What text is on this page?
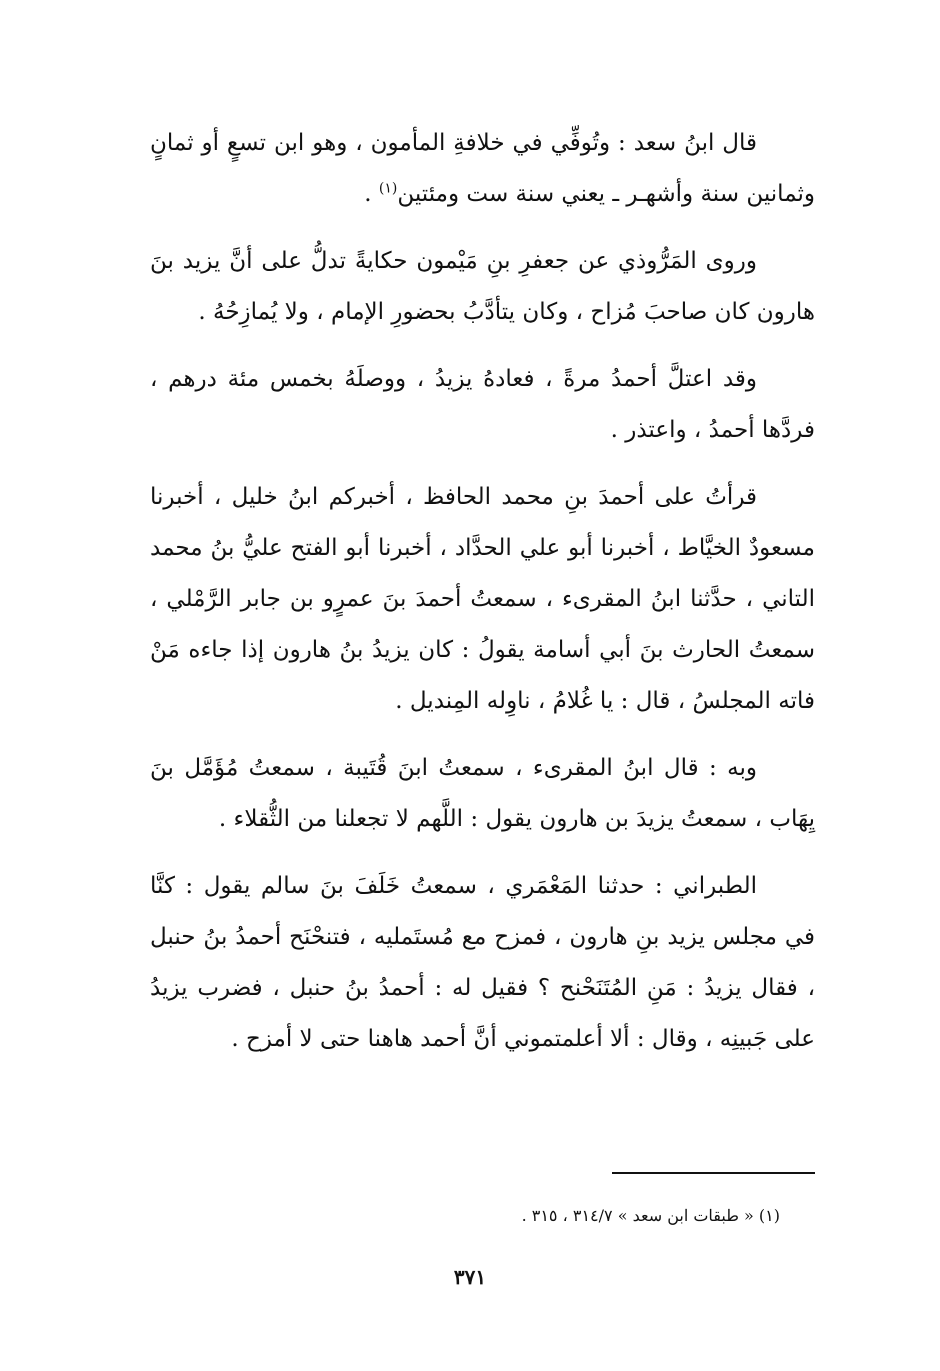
قال ابنُ سعد : وتُوفِّي في خلافةِ المأمون ، وهو ابن تسعٍ أو ثمانٍ وثمانين سنة وأشهـر ـ يعني سنة ست ومئتين$^{(١)}$ .

وروى المَرُّوذي عن جعفرِ بنِ مَيْمون حكايةً تدلُّ على أنَّ يزيد بنَ هارون كان صاحبَ مُزاح ، وكان يتأدَّبُ بحضورِ الإمام ، ولا يُمازِحُهُ .

وقد اعتلَّ أحمدُ مرةً ، فعادهُ يزيدُ ، ووصلَهُ بخمس مئة درهم ، فردَّها أحمدُ ، واعتذر .

قرأتُ على أحمدَ بنِ محمد الحافظ ، أخبركم ابنُ خليل ، أخبرنا مسعودٌ الخيَّاط ، أخبرنا أبو علي الحدَّاد ، أخبرنا أبو الفتح عليُّ بنُ محمد التاني ، حدَّثنا ابنُ المقرىء ، سمعتُ أحمدَ بنَ عمرٍو بن جابر الرَّمْلي ، سمعتُ الحارث بنَ أبي أسامة يقولُ : كان يزيدُ بنُ هارون إذا جاءه مَنْ فاته المجلسُ ، قال : يا غُلامُ ، ناوِله المِنديل .

وبه : قال ابنُ المقرىء ، سمعتُ ابنَ قُتَيبة ، سمعتُ مُؤَمَّل بنَ يِهَاب ، سمعتُ يزيدَ بن هارون يقول : اللَّهم لا تجعلنا من الثُّقلاء .

الطبراني : حدثنا المَعْمَري ، سمعتُ خَلَفَ بنَ سالم يقول : كنَّا في مجلس يزيد بنِ هارون ، فمزح مع مُستَمليه ، فتنحْنَح أحمدُ بنُ حنبل ، فقال يزيدُ : مَنِ المُتَنَحْنح ؟ فقيل له : أحمدُ بنُ حنبل ، فضرب يزيدُ على جَبينِه ، وقال : ألا أعلمتموني أنَّ أحمد هاهنا حتى لا أمزح .

(١) « طبقات ابن سعد » ٣١٤/٧ ، ٣١٥ .
٣٧١
